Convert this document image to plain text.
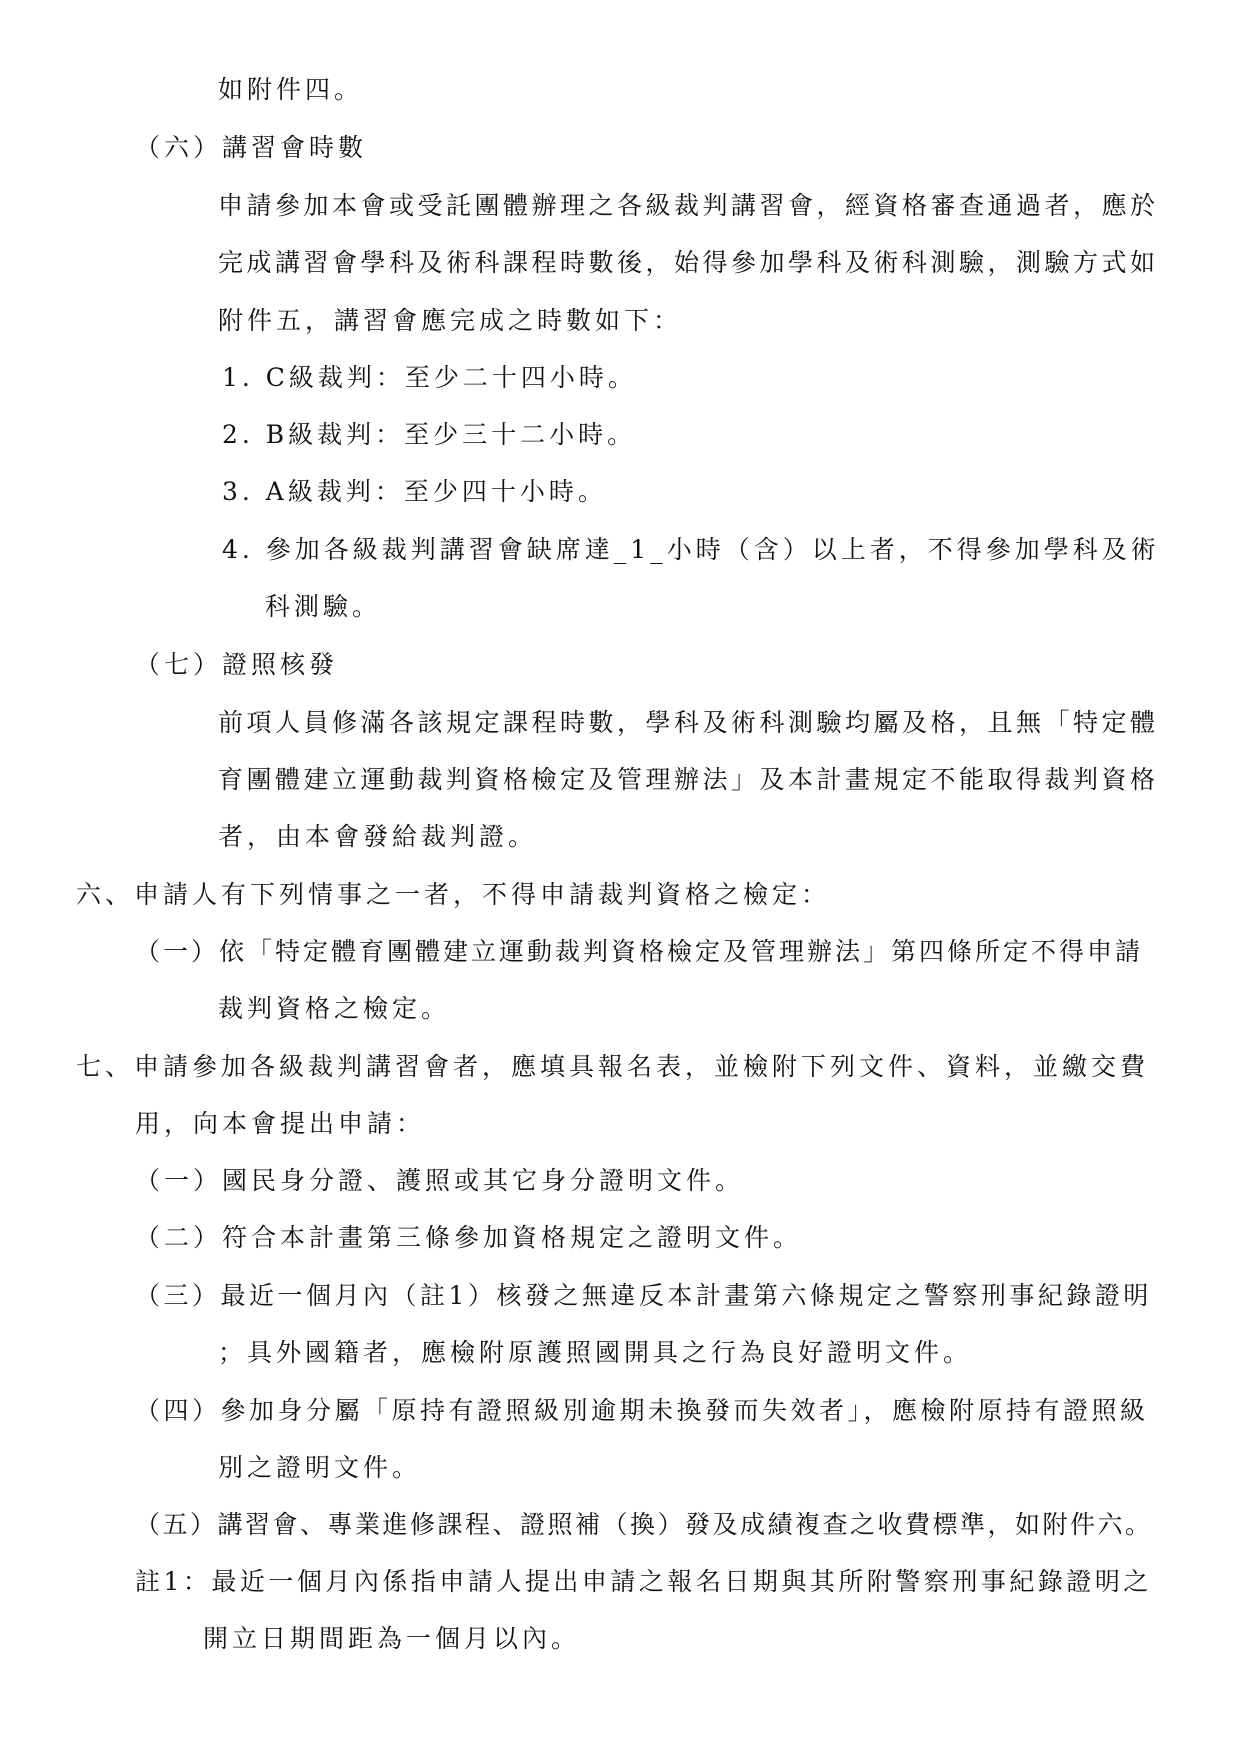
如附件四。
（六）講習會時數
申請參加本會或受託團體辦理之各級裁判講習會，經資格審查通過者，應於
完成講習會學科及術科課程時數後，始得參加學科及術科測驗，測驗方式如
附件五，講習會應完成之時數如下：
1. C級裁判：至少二十四小時。
2. B級裁判：至少三十二小時。
3. A級裁判：至少四十小時。
4. 參加各級裁判講習會缺席達_1_小時（含）以上者，不得參加學科及術
科測驗。
（七）證照核發
前項人員修滿各該規定課程時數，學科及術科測驗均屬及格，且無「特定體
育團體建立運動裁判資格檢定及管理辦法」及本計畫規定不能取得裁判資格
者，由本會發給裁判證。
六、申請人有下列情事之一者，不得申請裁判資格之檢定：
（一）依「特定體育團體建立運動裁判資格檢定及管理辦法」第四條所定不得申請
裁判資格之檢定。
七、申請參加各級裁判講習會者，應填具報名表，並檢附下列文件、資料，並繳交費
用，向本會提出申請：
（一）國民身分證、護照或其它身分證明文件。
（二）符合本計畫第三條參加資格規定之證明文件。
（三）最近一個月內（註1）核發之無違反本計畫第六條規定之警察刑事紀錄證明
；具外國籍者，應檢附原護照國開具之行為良好證明文件。
（四）參加身分屬「原持有證照級別逾期未換發而失效者」，應檢附原持有證照級
別之證明文件。
（五）講習會、專業進修課程、證照補（換）發及成績複查之收費標準，如附件六。
註1：最近一個月內係指申請人提出申請之報名日期與其所附警察刑事紀錄證明之
開立日期間距為一個月以內。
